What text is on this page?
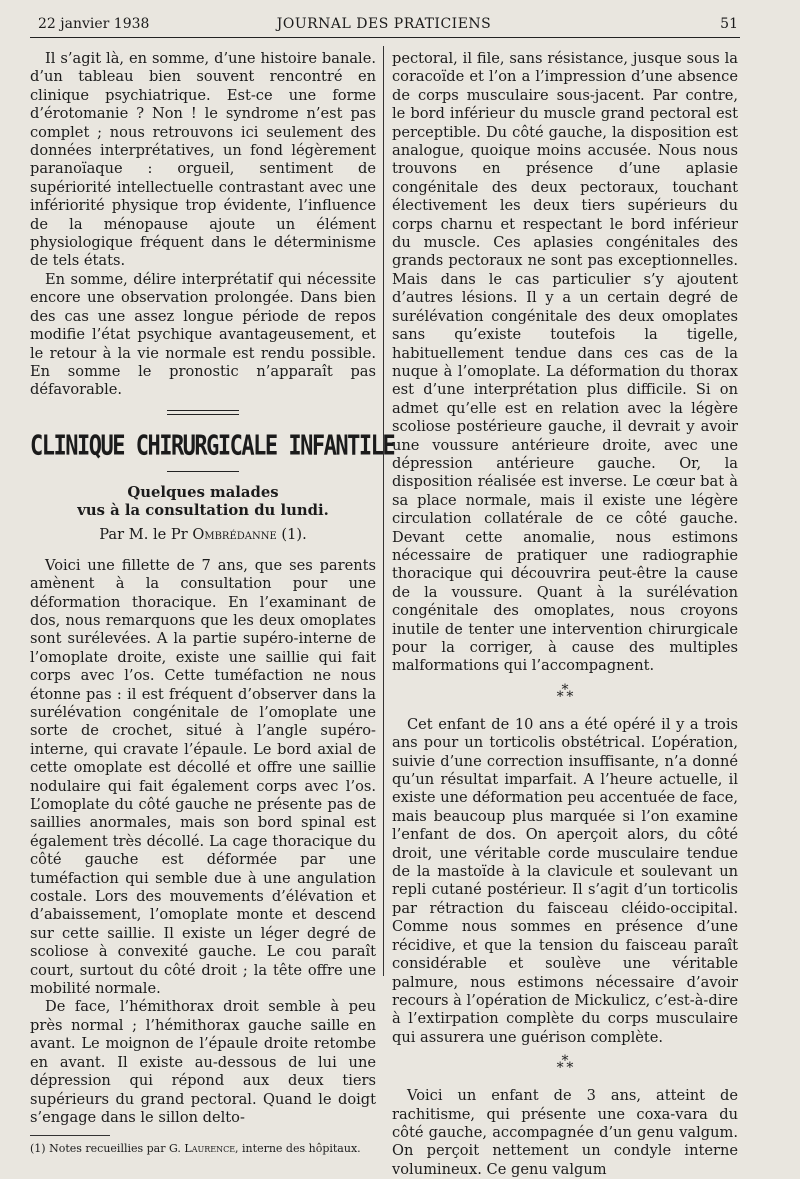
22 janvier 1938	JOURNAL DES PRATICIENS	51

Il s’agit là, en somme, d’une histoire banale. d’un tableau bien souvent rencontré en clinique psychiatrique. Est-ce une forme d’érotomanie ? Non ! le syndrome n’est pas complet ; nous retrouvons ici seulement des données interprétatives, un fond légèrement paranoïaque : orgueil, sentiment de supériorité intellectuelle contrastant avec une infériorité physique trop évidente, l’influence de la ménopause ajoute un élément physiologique fréquent dans le déterminisme de tels états.

En somme, délire interprétatif qui nécessite encore une observation prolongée. Dans bien des cas une assez longue période de repos modifie l’état psychique avantageusement, et le retour à la vie normale est rendu possible. En somme le pronostic n’apparaît pas défavorable.

CLINIQUE CHIRURGICALE INFANTILE

Quelques malades

vus à la consultation du lundi.

Par M. le Pr Ombrédanne (1).

Voici une fillette de 7 ans, que ses parents amènent à la consultation pour une déformation thoracique. En l’examinant de dos, nous remarquons que les deux omoplates sont surélevées. A la partie supéro-interne de l’omoplate droite, existe une saillie qui fait corps avec l’os. Cette tuméfaction ne nous étonne pas : il est fréquent d’observer dans la surélévation congénitale de l’omoplate une sorte de crochet, situé à l’angle supéro-interne, qui cravate l’épaule. Le bord axial de cette omoplate est décollé et offre une saillie nodulaire qui fait également corps avec l’os. L’omoplate du côté gauche ne présente pas de saillies anormales, mais son bord spinal est également très décollé. La cage thoracique du côté gauche est déformée par une tuméfaction qui semble due à une angulation costale. Lors des mouvements d’élévation et d’abaissement, l’omoplate monte et descend sur cette saillie. Il existe un léger degré de scoliose à convexité gauche. Le cou paraît court, surtout du côté droit ; la tête offre une mobilité normale.

De face, l’hémithorax droit semble à peu près normal ; l’hémithorax gauche saille en avant. Le moignon de l’épaule droite retombe en avant. Il existe au-dessous de lui une dépression qui répond aux deux tiers supérieurs du grand pectoral. Quand le doigt s’engage dans le sillon delto-

(1) Notes recueillies par G. Laurence, interne des hôpitaux.

pectoral, il file, sans résistance, jusque sous la coracoïde et l’on a l’impression d’une absence de corps musculaire sous-jacent. Par contre, le bord inférieur du muscle grand pectoral est perceptible. Du côté gauche, la disposition est analogue, quoique moins accusée. Nous nous trouvons en présence d’une aplasie congénitale des deux pectoraux, touchant électivement les deux tiers supérieurs du corps charnu et respectant le bord inférieur du muscle. Ces aplasies congénitales des grands pectoraux ne sont pas exceptionnelles. Mais dans le cas particulier s’y ajoutent d’autres lésions. Il y a un certain degré de surélévation congénitale des deux omoplates sans qu’existe toutefois la tigelle, habituellement tendue dans ces cas de la nuque à l’omoplate. La déformation du thorax est d’une interprétation plus difficile. Si on admet qu’elle est en relation avec la légère scoliose postérieure gauche, il devrait y avoir une voussure antérieure droite, avec une dépression antérieure gauche. Or, la disposition réalisée est inverse. Le cœur bat à sa place normale, mais il existe une légère circulation collatérale de ce côté gauche. Devant cette anomalie, nous estimons nécessaire de pratiquer une radiographie thoracique qui découvrira peut-être la cause de la voussure. Quant à la surélévation congénitale des omoplates, nous croyons inutile de tenter une intervention chirurgicale pour la corriger, à cause des multiples malformations qui l’accompagnent.

*
* *

Cet enfant de 10 ans a été opéré il y a trois ans pour un torticolis obstétrical. L’opération, suivie d’une correction insuffisante, n’a donné qu’un résultat imparfait. A l’heure actuelle, il existe une déformation peu accentuée de face, mais beaucoup plus marquée si l’on examine l’enfant de dos. On aperçoit alors, du côté droit, une véritable corde musculaire tendue de la mastoïde à la clavicule et soulevant un repli cutané postérieur. Il s’agit d’un torticolis par rétraction du faisceau cléido-occipital. Comme nous sommes en présence d’une récidive, et que la tension du faisceau paraît considérable et soulève une véritable palmure, nous estimons nécessaire d’avoir recours à l’opération de Mickulicz, c’est-à-dire à l’extirpation complète du corps musculaire qui assurera une guérison complète.

*
* *

Voici un enfant de 3 ans, atteint de rachitisme, qui présente une coxa-vara du côté gauche, accompagnée d’un genu valgum. On perçoit nettement un condyle interne volumineux. Ce genu valgum
